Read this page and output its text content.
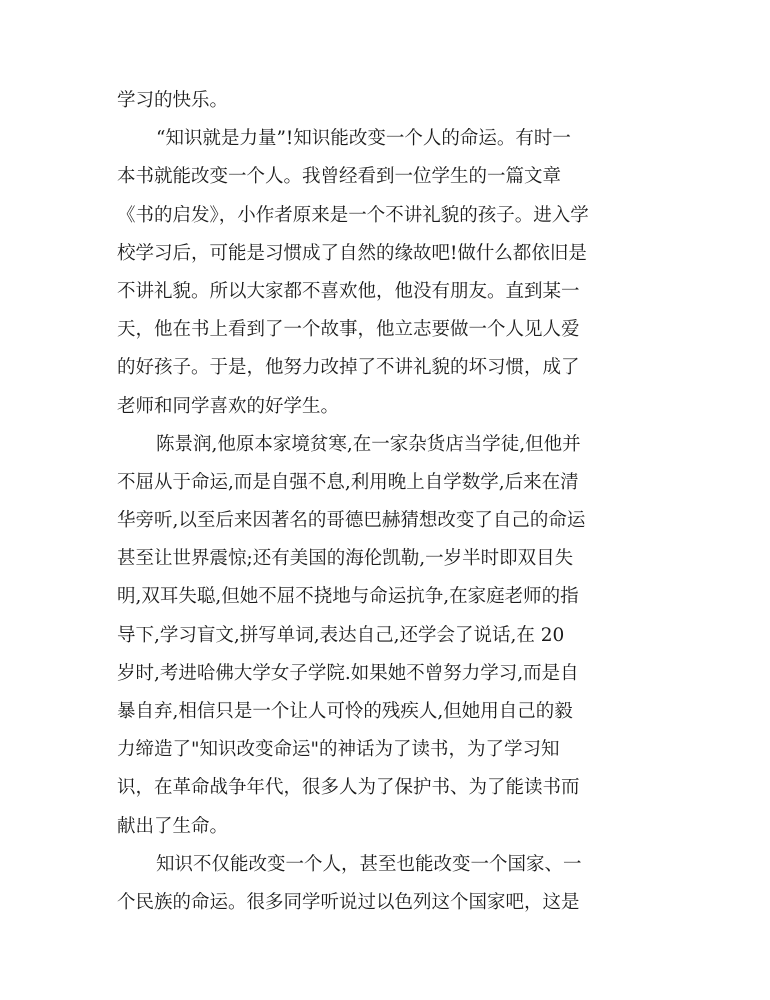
学习的快乐。
“知识就是力量”!知识能改变一个人的命运。有时一
本书就能改变一个人。我曾经看到一位学生的一篇文章
《书的启发》，小作者原来是一个不讲礼貌的孩子。进入学
校学习后，可能是习惯成了自然的缘故吧!做什么都依旧是
不讲礼貌。所以大家都不喜欢他，他没有朋友。直到某一
天，他在书上看到了一个故事，他立志要做一个人见人爱
的好孩子。于是，他努力改掉了不讲礼貌的坏习惯，成了
老师和同学喜欢的好学生。
陈景润,他原本家境贫寒,在一家杂货店当学徒,但他并
不屈从于命运,而是自强不息,利用晚上自学数学,后来在清
华旁听,以至后来因著名的哥德巴赫猜想改变了自己的命运
甚至让世界震惊;还有美国的海伦凯勒,一岁半时即双目失
明,双耳失聪,但她不屈不挠地与命运抗争,在家庭老师的指
导下,学习盲文,拼写单词,表达自己,还学会了说话,在 20
岁时,考进哈佛大学女子学院.如果她不曾努力学习,而是自
暴自弃,相信只是一个让人可怜的残疾人,但她用自己的毅
力缔造了"知识改变命运"的神话为了读书，为了学习知
识，在革命战争年代，很多人为了保护书、为了能读书而
献出了生命。
知识不仅能改变一个人，甚至也能改变一个国家、一
个民族的命运。很多同学听说过以色列这个国家吧，这是
